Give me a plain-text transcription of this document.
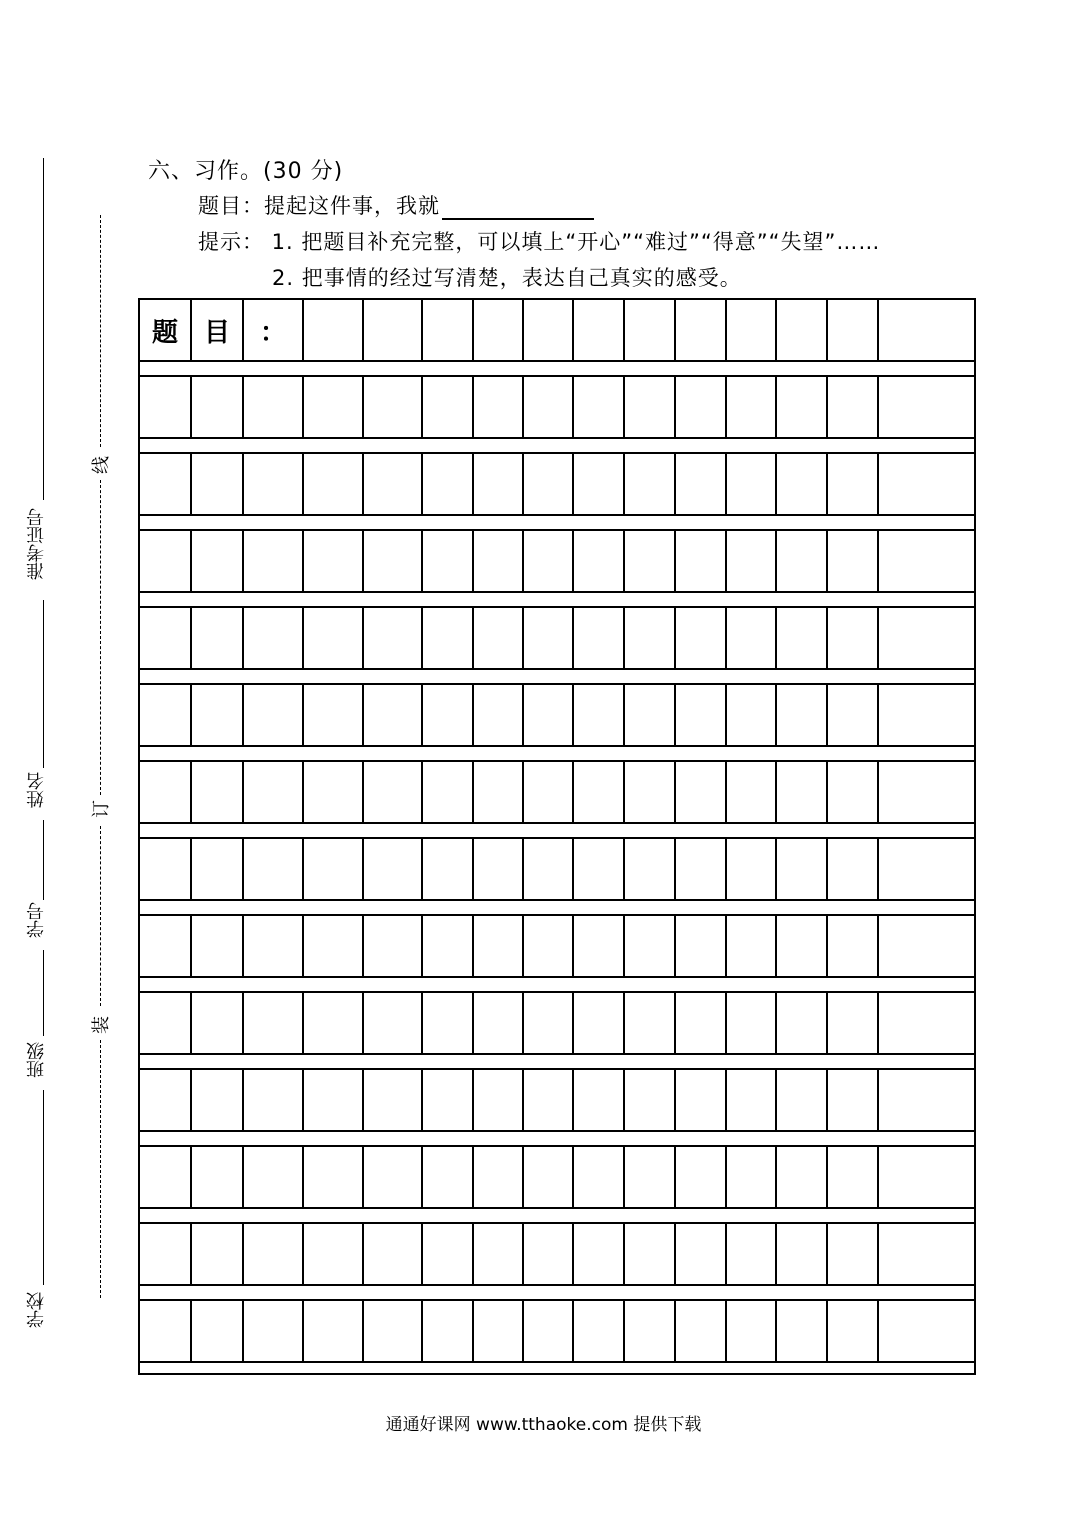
六、习作。(30 分)
题目：提起这件事，我就
提示： 1. 把题目补充完整，可以填上“开心”“难过”“得意”“失望”……
2. 把事情的经过写清楚，表达自己真实的感受。
准考证号
姓名
学号
班级
学校
线
订
装
题 目	：
通通好课网 www.tthaoke.com 提供下载
